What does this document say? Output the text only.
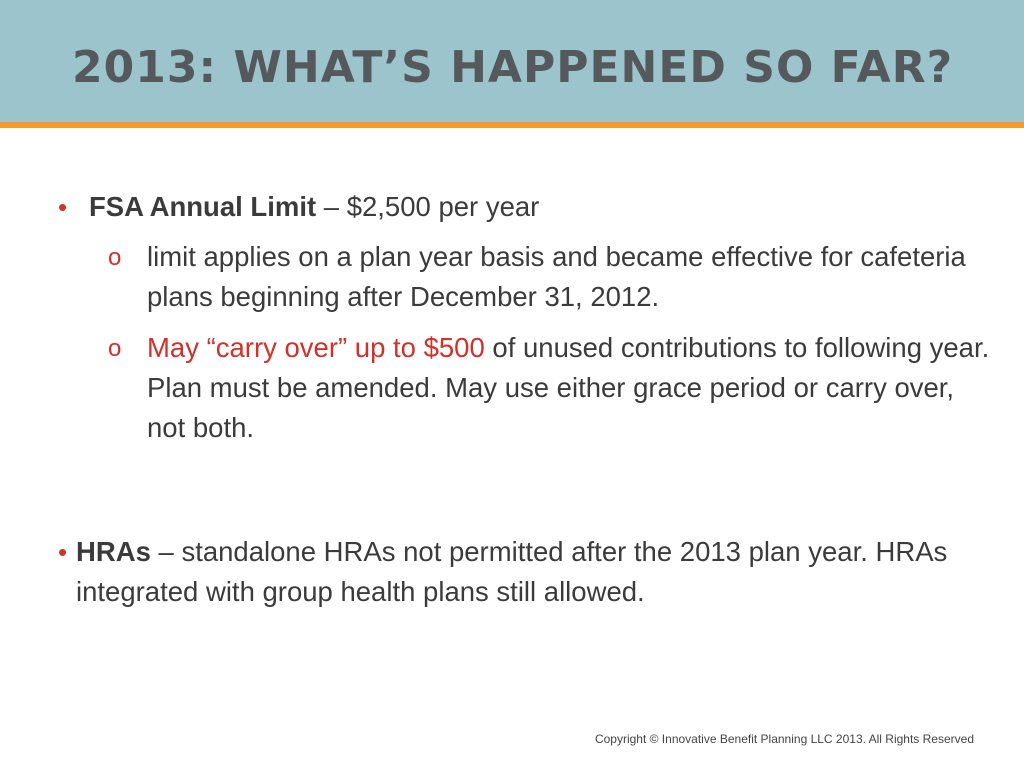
2013: WHAT’S HAPPENED SO FAR?
• FSA Annual Limit – $2,500 per year
o limit applies on a plan year basis and became effective for cafeteria plans beginning after December 31, 2012.
o May “carry over” up to $500 of unused contributions to following year. Plan must be amended. May use either grace period or carry over, not both.
• HRAs – standalone HRAs not permitted after the 2013 plan year. HRAs integrated with group health plans still allowed.
Copyright © Innovative Benefit Planning LLC 2013. All Rights Reserved
